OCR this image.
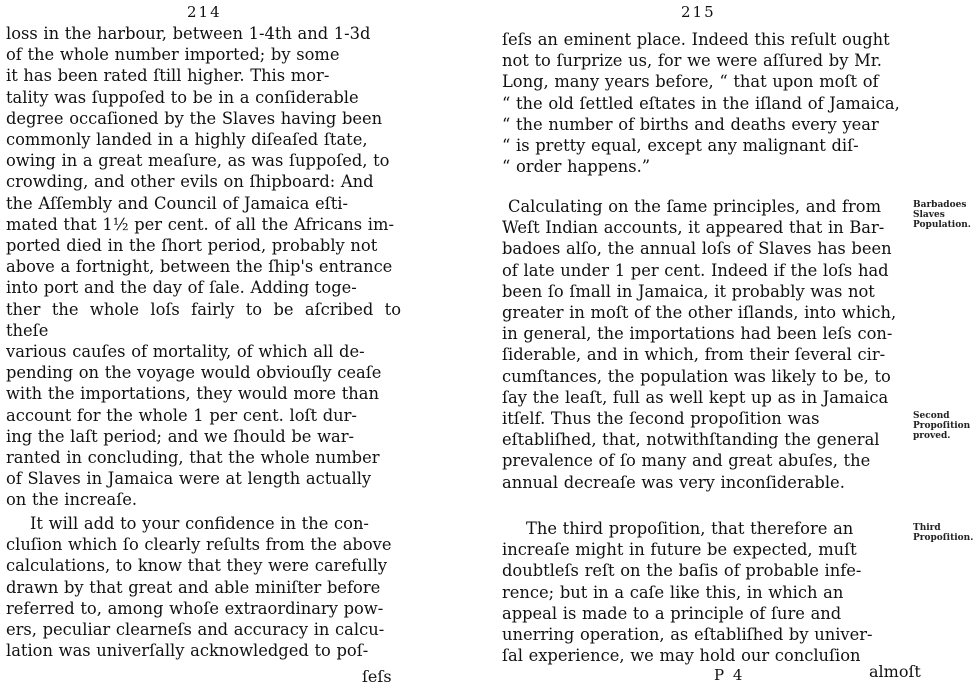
214
loss in the harbour, between 1-4th and 1-3d
of the whole number imported; by some
it has been rated ſtill higher. This mor-
tality was ſuppoſed to be in a conſiderable
degree occaſioned by the Slaves having been
commonly landed in a highly diſeaſed ſtate,
owing in a great meaſure, as was ſuppoſed, to
crowding, and other evils on ſhipboard: And
the Aſſembly and Council of Jamaica eſti-
mated that 1½ per cent. of all the Africans im-
ported died in the ſhort period, probably not
above a fortnight, between the ſhip's entrance
into port and the day of ſale. Adding toge-
ther the whole loſs fairly to be aſcribed to theſe
various cauſes of mortality, of which all de-
pending on the voyage would obviouſly ceaſe
with the importations, they would more than
account for the whole 1 per cent. loſt dur-
ing the laſt period; and we ſhould be war-
ranted in concluding, that the whole number
of Slaves in Jamaica were at length actually
on the increaſe.
It will add to your confidence in the con-
cluſion which ſo clearly reſults from the above
calculations, to know that they were carefully
drawn by that great and able miniſter before
referred to, among whoſe extraordinary pow-
ers, peculiar clearneſs and accuracy in calcu-
lation was univerſally acknowledged to poſ-
ſeſs
215
ſeſs an eminent place. Indeed this reſult ought
not to ſurprize us, for we were aſſured by Mr.
Long, many years before, “ that upon moſt of
“ the old ſettled eſtates in the iſland of Jamaica,
“ the number of births and deaths every year
“ is pretty equal, except any malignant diſ-
“ order happens.”
Calculating on the ſame principles, and from
Weſt Indian accounts, it appeared that in Bar-
badoes alſo, the annual loſs of Slaves has been
of late under 1 per cent. Indeed if the loſs had
been ſo ſmall in Jamaica, it probably was not
greater in moſt of the other iſlands, into which,
in general, the importations had been leſs con-
ſiderable, and in which, from their ſeveral cir-
cumſtances, the population was likely to be, to
ſay the leaſt, full as well kept up as in Jamaica
itſelf. Thus the ſecond propoſition was
eſtabliſhed, that, notwithſtanding the general
prevalence of ſo many and great abuſes, the
annual decreaſe was very inconſiderable.
The third propoſition, that therefore an
increaſe might in future be expected, muſt
doubtleſs reſt on the baſis of probable infe-
rence; but in a caſe like this, in which an
appeal is made to a principle of ſure and
unerring operation, as eſtabliſhed by univer-
ſal experience, we may hold our concluſion
Barbadoes
Slaves
Population.
Second
Propoſition
proved.
Third
Propoſition.
P 4	almoſt
